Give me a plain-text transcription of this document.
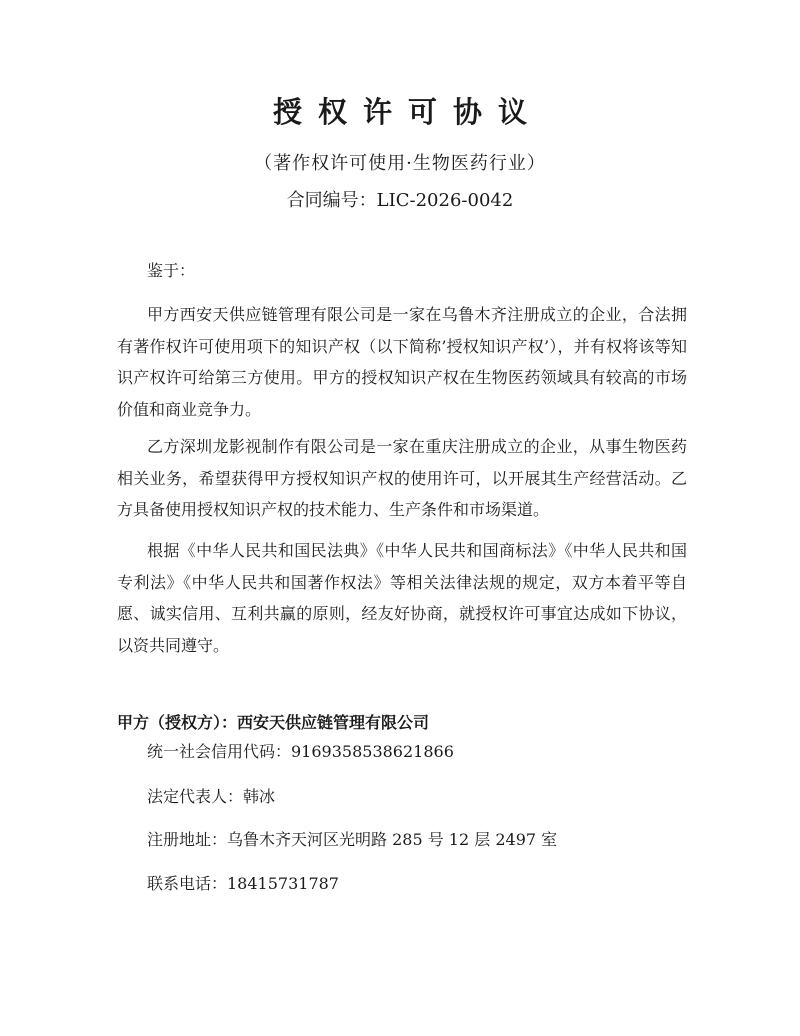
授权许可协议
（著作权许可使用·生物医药行业）
合同编号：LIC-2026-0042
鉴于：

甲方西安天供应链管理有限公司是一家在乌鲁木齐注册成立的企业，合法拥有著作权许可使用项下的知识产权（以下简称’授权知识产权’），并有权将该等知识产权许可给第三方使用。甲方的授权知识产权在生物医药领域具有较高的市场价值和商业竞争力。

乙方深圳龙影视制作有限公司是一家在重庆注册成立的企业，从事生物医药相关业务，希望获得甲方授权知识产权的使用许可，以开展其生产经营活动。乙方具备使用授权知识产权的技术能力、生产条件和市场渠道。

根据《中华人民共和国民法典》《中华人民共和国商标法》《中华人民共和国专利法》《中华人民共和国著作权法》等相关法律法规的规定，双方本着平等自愿、诚实信用、互利共赢的原则，经友好协商，就授权许可事宜达成如下协议，以资共同遵守。

甲方（授权方）：西安天供应链管理有限公司
统一社会信用代码：9169358538621866
法定代表人：韩冰
注册地址：乌鲁木齐天河区光明路 285 号 12 层 2497 室
联系电话：18415731787
